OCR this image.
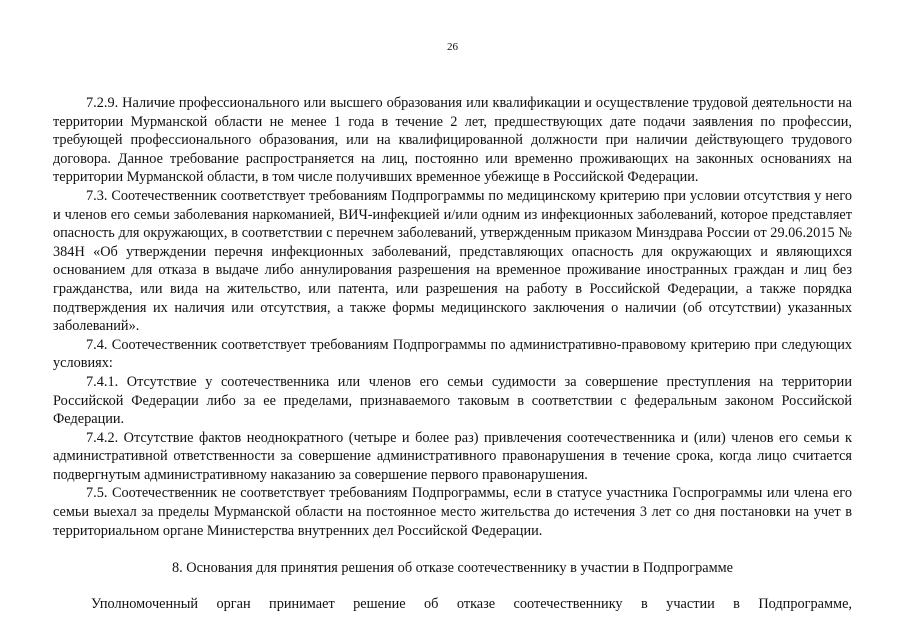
26

7.2.9. Наличие профессионального или высшего образования или квалификации и осуществление трудовой деятельности на территории Мурманской области не менее 1 года в течение 2 лет, предшествующих дате подачи заявления по профессии, требующей профессионального образования, или на квалифицированной должности при наличии действующего трудового договора. Данное требование распространяется на лиц, постоянно или временно проживающих на законных основаниях на территории Мурманской области, в том числе получивших временное убежище в Российской Федерации.

7.3. Соотечественник соответствует требованиям Подпрограммы по медицинскому критерию при условии отсутствия у него и членов его семьи заболевания наркоманией, ВИЧ-инфекцией и/или одним из инфекционных заболеваний, которое представляет опасность для окружающих, в соответствии с перечнем заболеваний, утвержденным приказом Минздрава России от 29.06.2015 № 384Н «Об утверждении перечня инфекционных заболеваний, представляющих опасность для окружающих и являющихся основанием для отказа в выдаче либо аннулирования разрешения на временное проживание иностранных граждан и лиц без гражданства, или вида на жительство, или патента, или разрешения на работу в Российской Федерации, а также порядка подтверждения их наличия или отсутствия, а также формы медицинского заключения о наличии (об отсутствии) указанных заболеваний».

7.4. Соотечественник соответствует требованиям Подпрограммы по административно-правовому критерию при следующих условиях:

7.4.1. Отсутствие у соотечественника или членов его семьи судимости за совершение преступления на территории Российской Федерации либо за ее пределами, признаваемого таковым в соответствии с федеральным законом Российской Федерации.

7.4.2. Отсутствие фактов неоднократного (четыре и более раз) привлечения соотечественника и (или) членов его семьи к административной ответственности за совершение административного правонарушения в течение срока, когда лицо считается подвергнутым административному наказанию за совершение первого правонарушения.

7.5. Соотечественник не соответствует требованиям Подпрограммы, если в статусе участника Госпрограммы или члена его семьи выехал за пределы Мурманской области на постоянное место жительства до истечения 3 лет со дня постановки на учет в территориальном органе Министерства внутренних дел Российской Федерации.

8. Основания для принятия решения об отказе соотечественнику в участии в Подпрограмме

Уполномоченный орган принимает решение об отказе соотечественнику в участии в Подпрограмме,
